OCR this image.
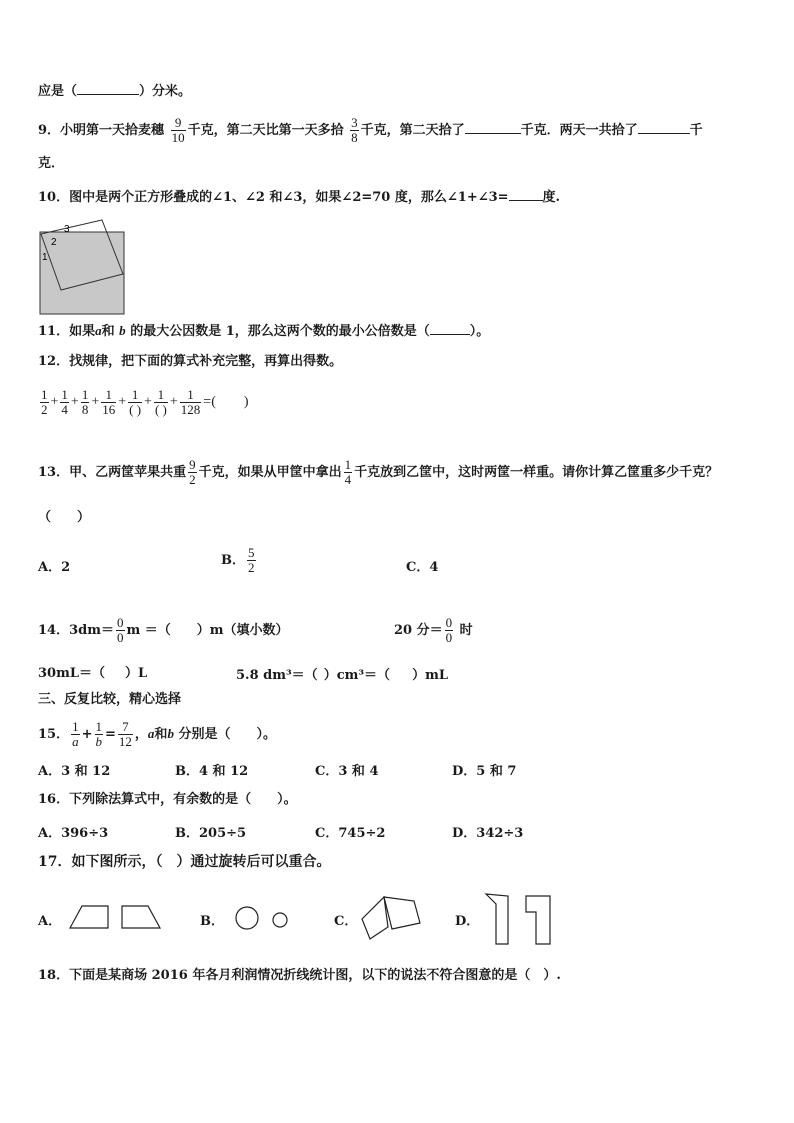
应是（	）分米。
9．小明第一天拾麦穗 $\frac{9}{10}$ 千克，第二天比第一天多拾 $\frac{3}{8}$ 千克，第二天拾了	千克．两天一共拾了	千
克．
10．图中是两个正方形叠成的∠1、∠2 和∠3，如果∠2=70 度，那么∠1+∠3=	度.
3
2
1
11．如果a和 b 的最大公因数是 1，那么这两个数的最小公倍数是（	）。
12．找规律，把下面的算式补充完整，再算出得数。
$\frac{1}{2} + \frac{1}{4} + \frac{1}{8} + \frac{1}{16} + \frac{1}{( )} + \frac{1}{( )} + \frac{1}{128}$ =(　　)
13．甲、乙两筐苹果共重 $\frac{9}{2}$ 千克，如果从甲筐中拿出 $\frac{1}{4}$ 千克放到乙筐中，这时两筐一样重。请你计算乙筐重多少千克？
（　　）
A．2	B． $\frac{5}{2}$	C．4
14．$3dm= \frac{0}{0}$ m ＝（ ）m（填小数）	20 分＝ $\frac{0}{0}$ 时
30mL＝（ ）L	5.8 dm³＝（ ）cm³＝（ ）mL
三、反复比较，精心选择
15． $\frac{1}{a} + \frac{1}{b} = \frac{7}{12}$ ，a和b 分别是（　　）。
A．3 和 12	B．4 和 12	C．3 和 4	D．5 和 7
16．下列除法算式中，有余数的是（　　）。
A．396÷3	B．205÷5	C．745÷2	D．342÷3
17．如下图所示，（　）通过旋转后可以重合。
A．	B．	C．	D．
18．下面是某商场 2016 年各月利润情况折线统计图，以下的说法不符合图意的是（　）.
